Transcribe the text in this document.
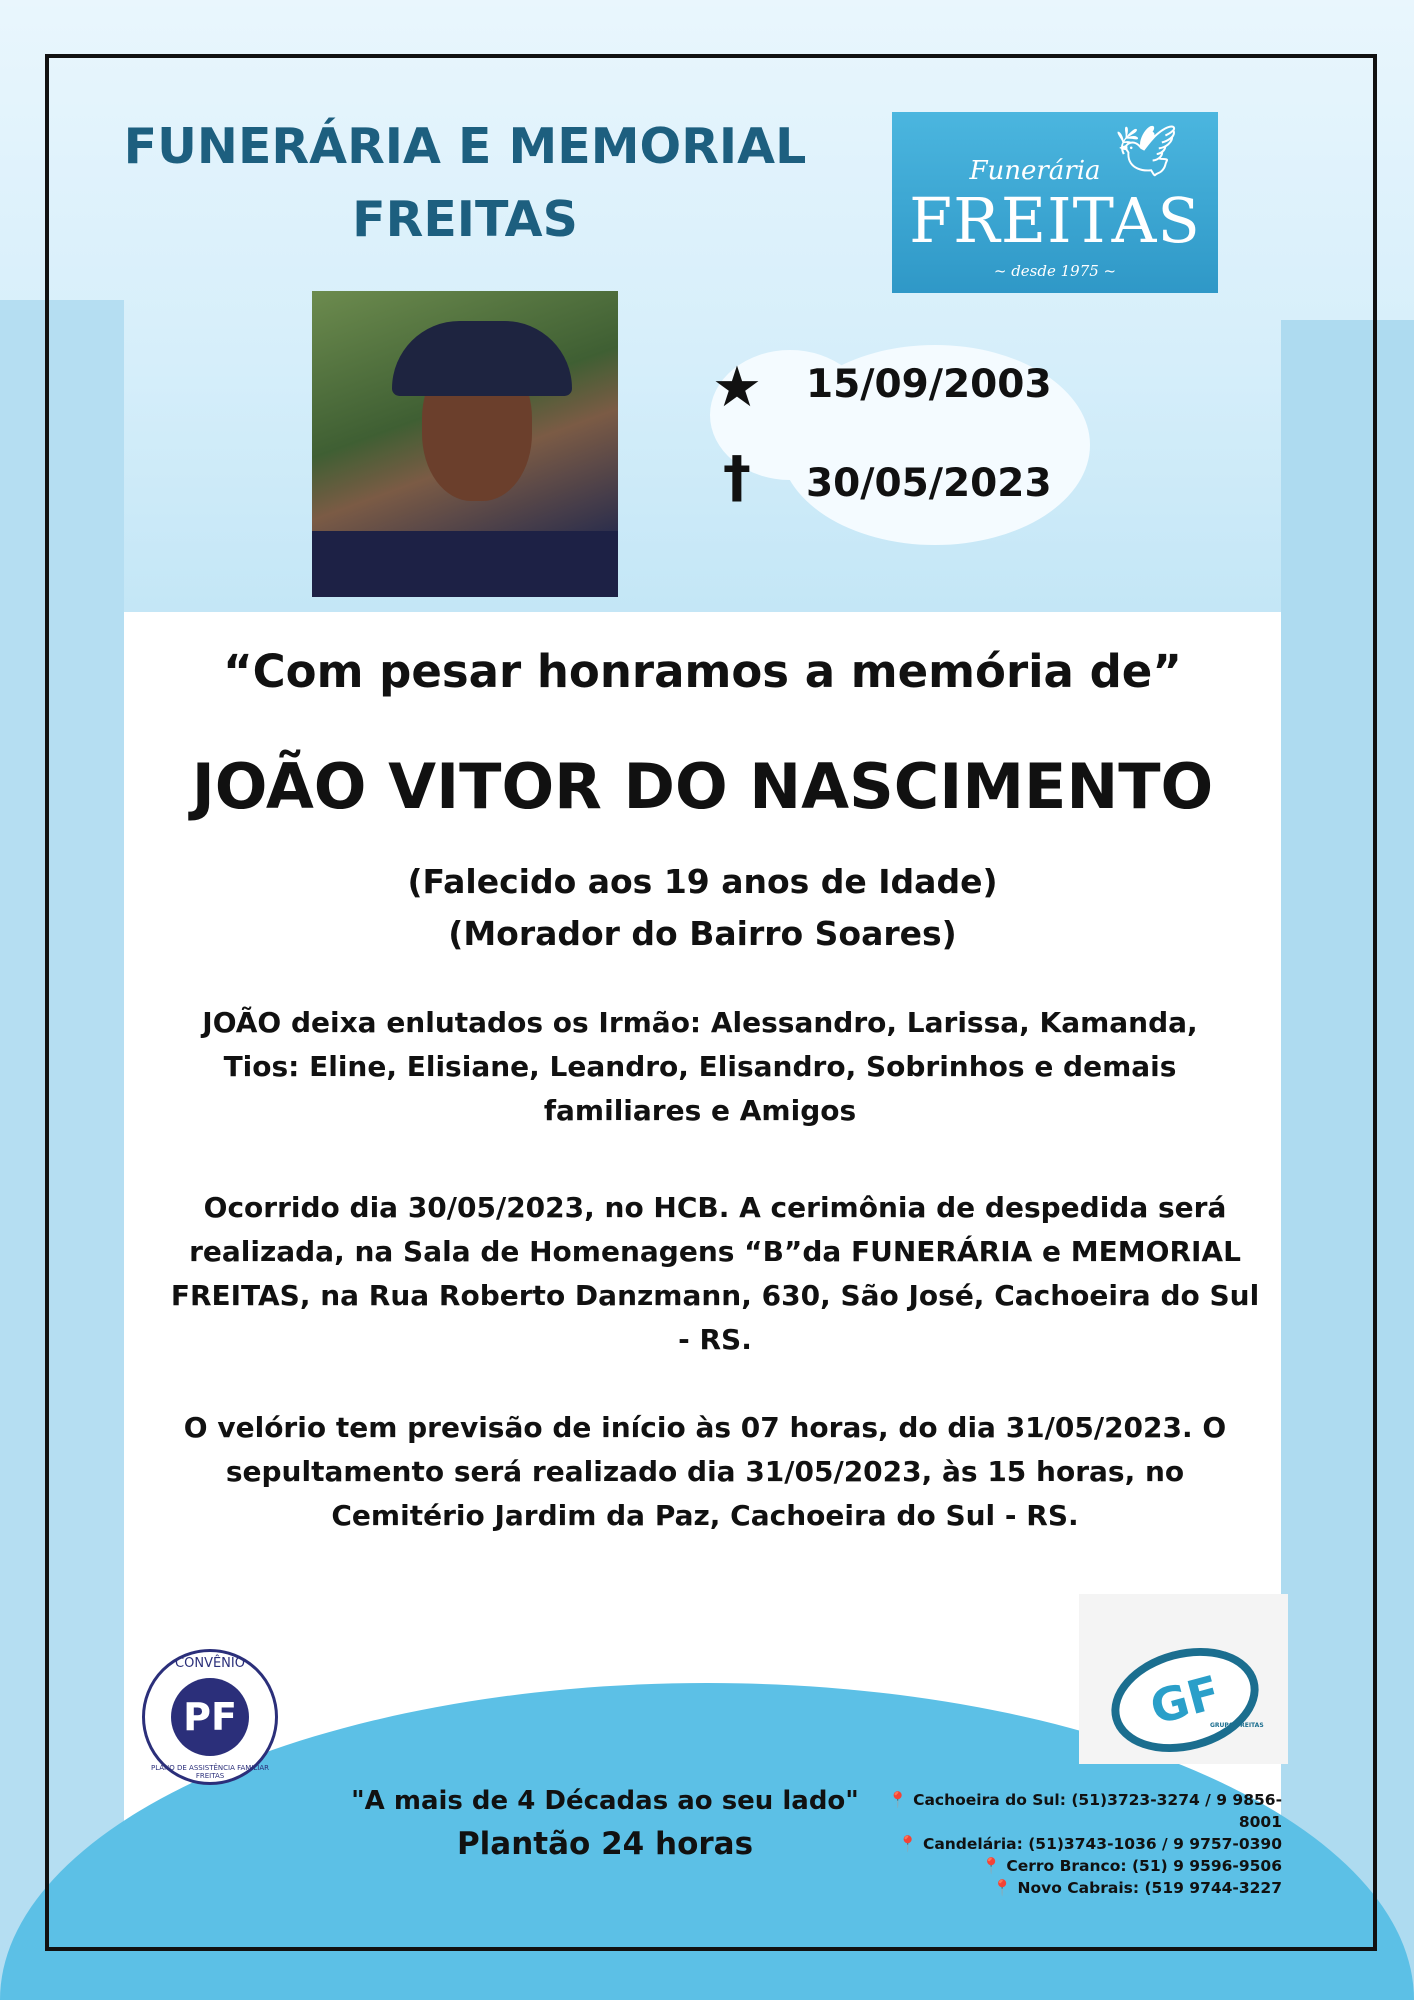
FUNERÁRIA E MEMORIAL
FREITAS
🕊
Funerária
FREITAS
~ desde 1975 ~
★ 15/09/2003
†	30/05/2023
“Com pesar honramos a memória de”
JOÃO VITOR DO NASCIMENTO
(Falecido aos 19 anos de Idade)
(Morador do Bairro Soares)
JOÃO deixa enlutados os Irmão: Alessandro, Larissa, Kamanda, Tios: Eline, Elisiane, Leandro, Elisandro, Sobrinhos e demais familiares e Amigos
Ocorrido dia 30/05/2023, no HCB. A cerimônia de despedida será realizada, na Sala de Homenagens “B”da FUNERÁRIA e MEMORIAL FREITAS, na Rua Roberto Danzmann, 630, São José, Cachoeira do Sul - RS.
O velório tem previsão de início às 07 horas, do dia 31/05/2023. O sepultamento será realizado dia 31/05/2023, às 15 horas, no Cemitério Jardim da Paz, Cachoeira do Sul - RS.
CONVÊNIO
PF
PLANO DE ASSISTÊNCIA FAMILIAR FREITAS
GF
GRUPO FREITAS
"A mais de 4 Décadas ao seu lado"
Plantão 24 horas
📍 Cachoeira do Sul: (51)3723-3274 / 9 9856-8001
📍 Candelária: (51)3743-1036 / 9 9757-0390
📍 Cerro Branco: (51) 9 9596-9506
📍 Novo Cabrais: (519 9744-3227
